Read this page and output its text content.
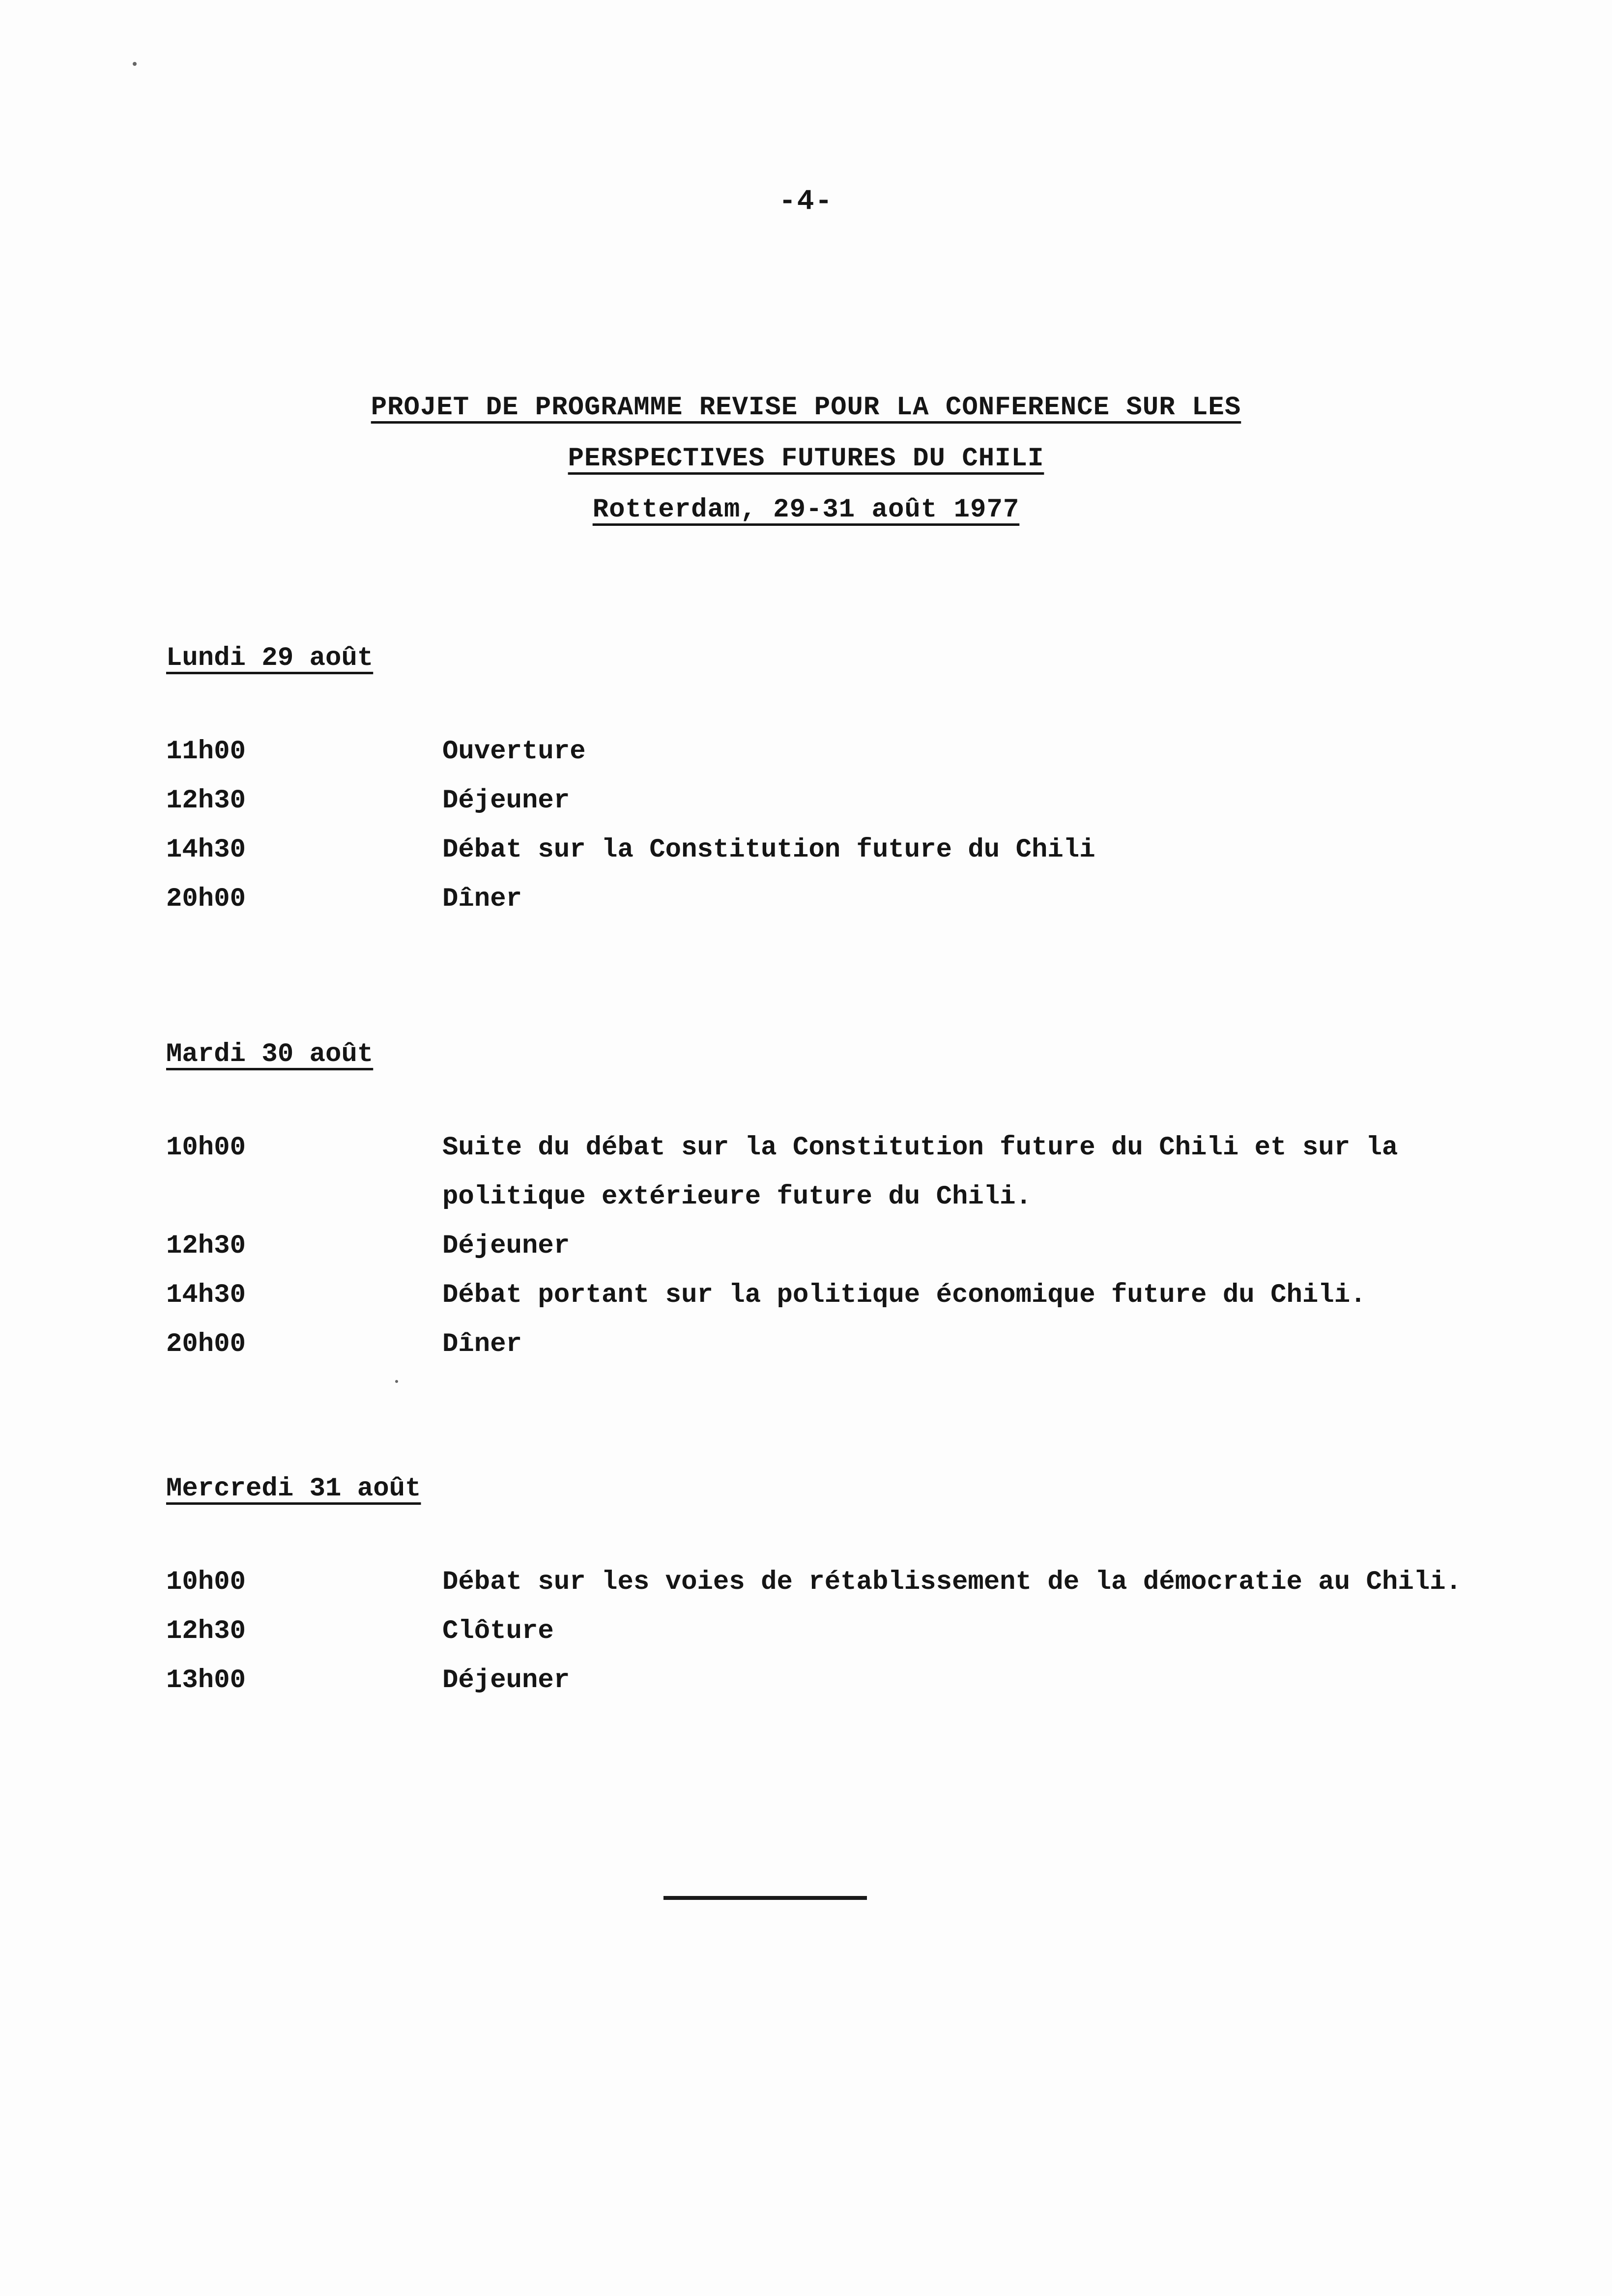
-4-
PROJET DE PROGRAMME REVISE POUR LA CONFERENCE SUR LES
PERSPECTIVES FUTURES DU CHILI
Rotterdam, 29-31 août 1977
Lundi 29 août
11h00	Ouverture
12h30	Déjeuner
14h30	Débat sur la Constitution future du Chili
20h00	Dîner
Mardi 30 août
10h00	Suite du débat sur la Constitution future du Chili et sur la politique extérieure future du Chili.
12h30	Déjeuner
14h30	Débat portant sur la politique économique future du Chili.
20h00	Dîner
Mercredi 31 août
10h00	Débat sur les voies de rétablissement de la démocratie au Chili.
12h30	Clôture
13h00	Déjeuner
